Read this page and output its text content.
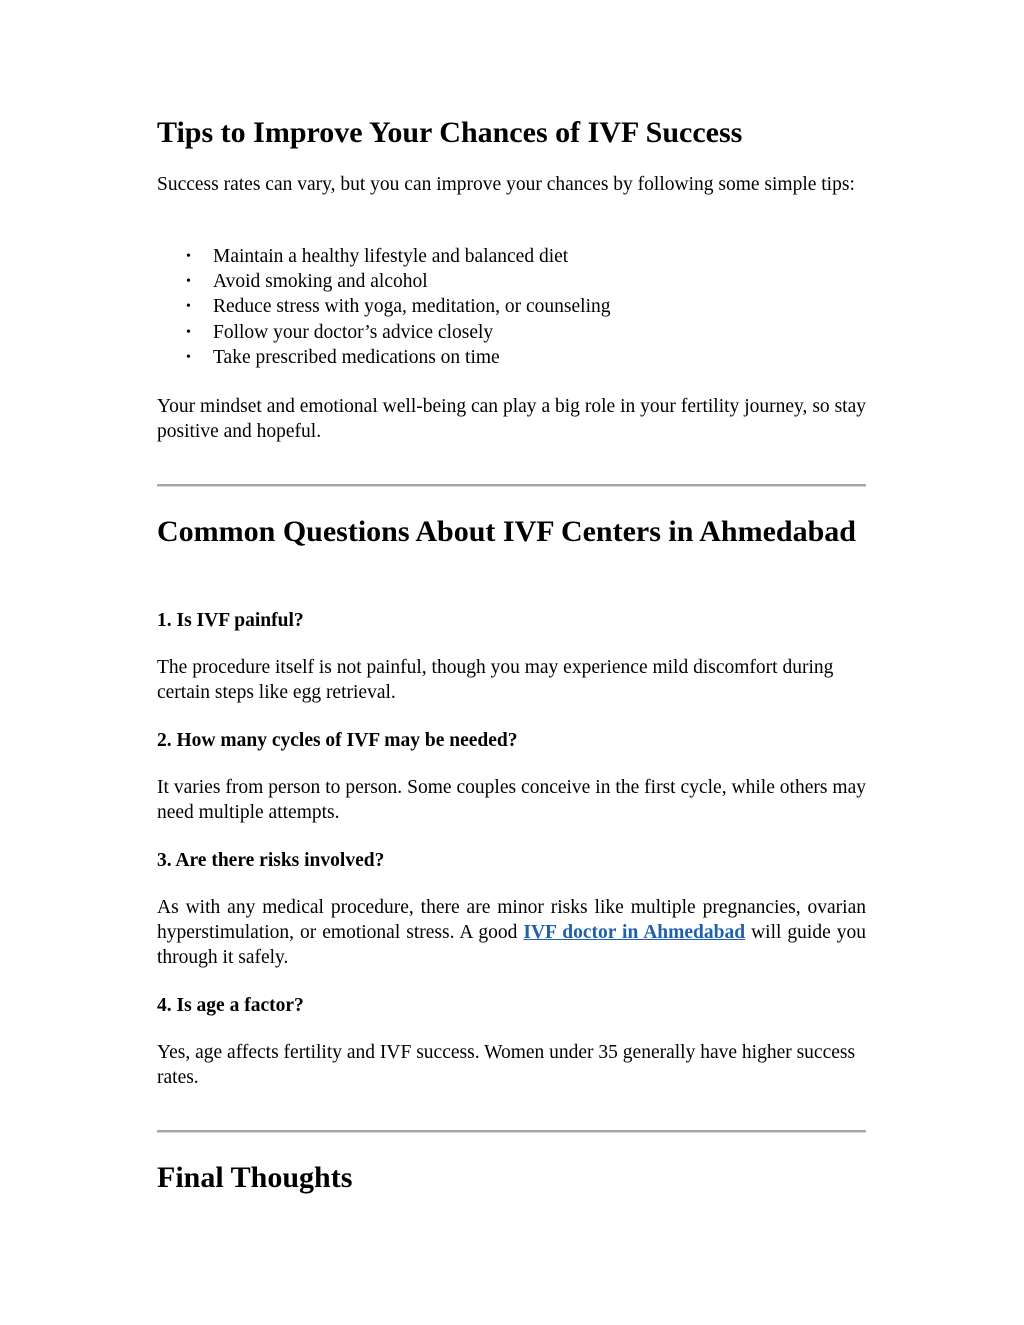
Tips to Improve Your Chances of IVF Success

Success rates can vary, but you can improve your chances by following some simple tips:

• Maintain a healthy lifestyle and balanced diet
• Avoid smoking and alcohol
• Reduce stress with yoga, meditation, or counseling
• Follow your doctor’s advice closely
• Take prescribed medications on time

Your mindset and emotional well-being can play a big role in your fertility journey, so stay positive and hopeful.

Common Questions About IVF Centers in Ahmedabad
1. Is IVF painful?

The procedure itself is not painful, though you may experience mild discomfort during certain steps like egg retrieval.

2. How many cycles of IVF may be needed?

It varies from person to person. Some couples conceive in the first cycle, while others may need multiple attempts.

3. Are there risks involved?

As with any medical procedure, there are minor risks like multiple pregnancies, ovarian hyperstimulation, or emotional stress. A good IVF doctor in Ahmedabad will guide you through it safely.

4. Is age a factor?

Yes, age affects fertility and IVF success. Women under 35 generally have higher success rates.

Final Thoughts
